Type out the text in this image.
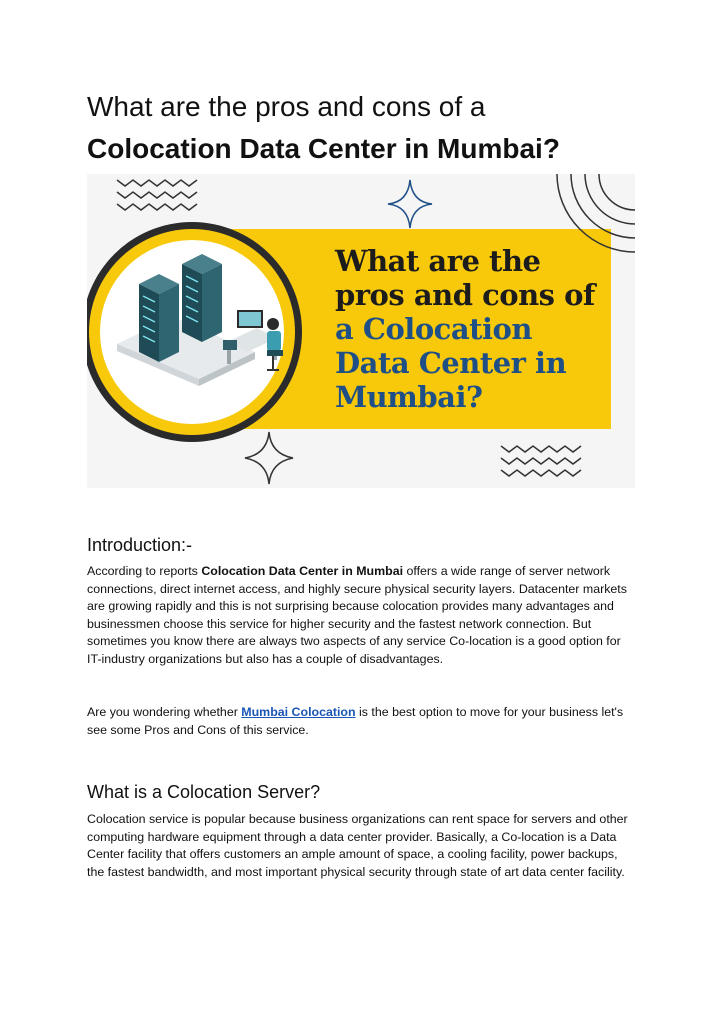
What are the pros and cons of a
Colocation Data Center in Mumbai?
What are the
pros and cons of
a Colocation
Data Center in
Mumbai?
Introduction:-

According to reports Colocation Data Center in Mumbai offers a wide range of server network connections, direct internet access, and highly secure physical security layers. Datacenter markets are growing rapidly and this is not surprising because colocation provides many advantages and businessmen choose this service for higher security and the fastest network connection. But sometimes you know there are always two aspects of any service Co-location is a good option for IT-industry organizations but also has a couple of disadvantages.

Are you wondering whether Mumbai Colocation is the best option to move for your business let's see some Pros and Cons of this service.

What is a Colocation Server?

Colocation service is popular because business organizations can rent space for servers and other computing hardware equipment through a data center provider. Basically, a Co-location is a Data Center facility that offers customers an ample amount of space, a cooling facility, power backups, the fastest bandwidth, and most important physical security through state of art data center facility.
